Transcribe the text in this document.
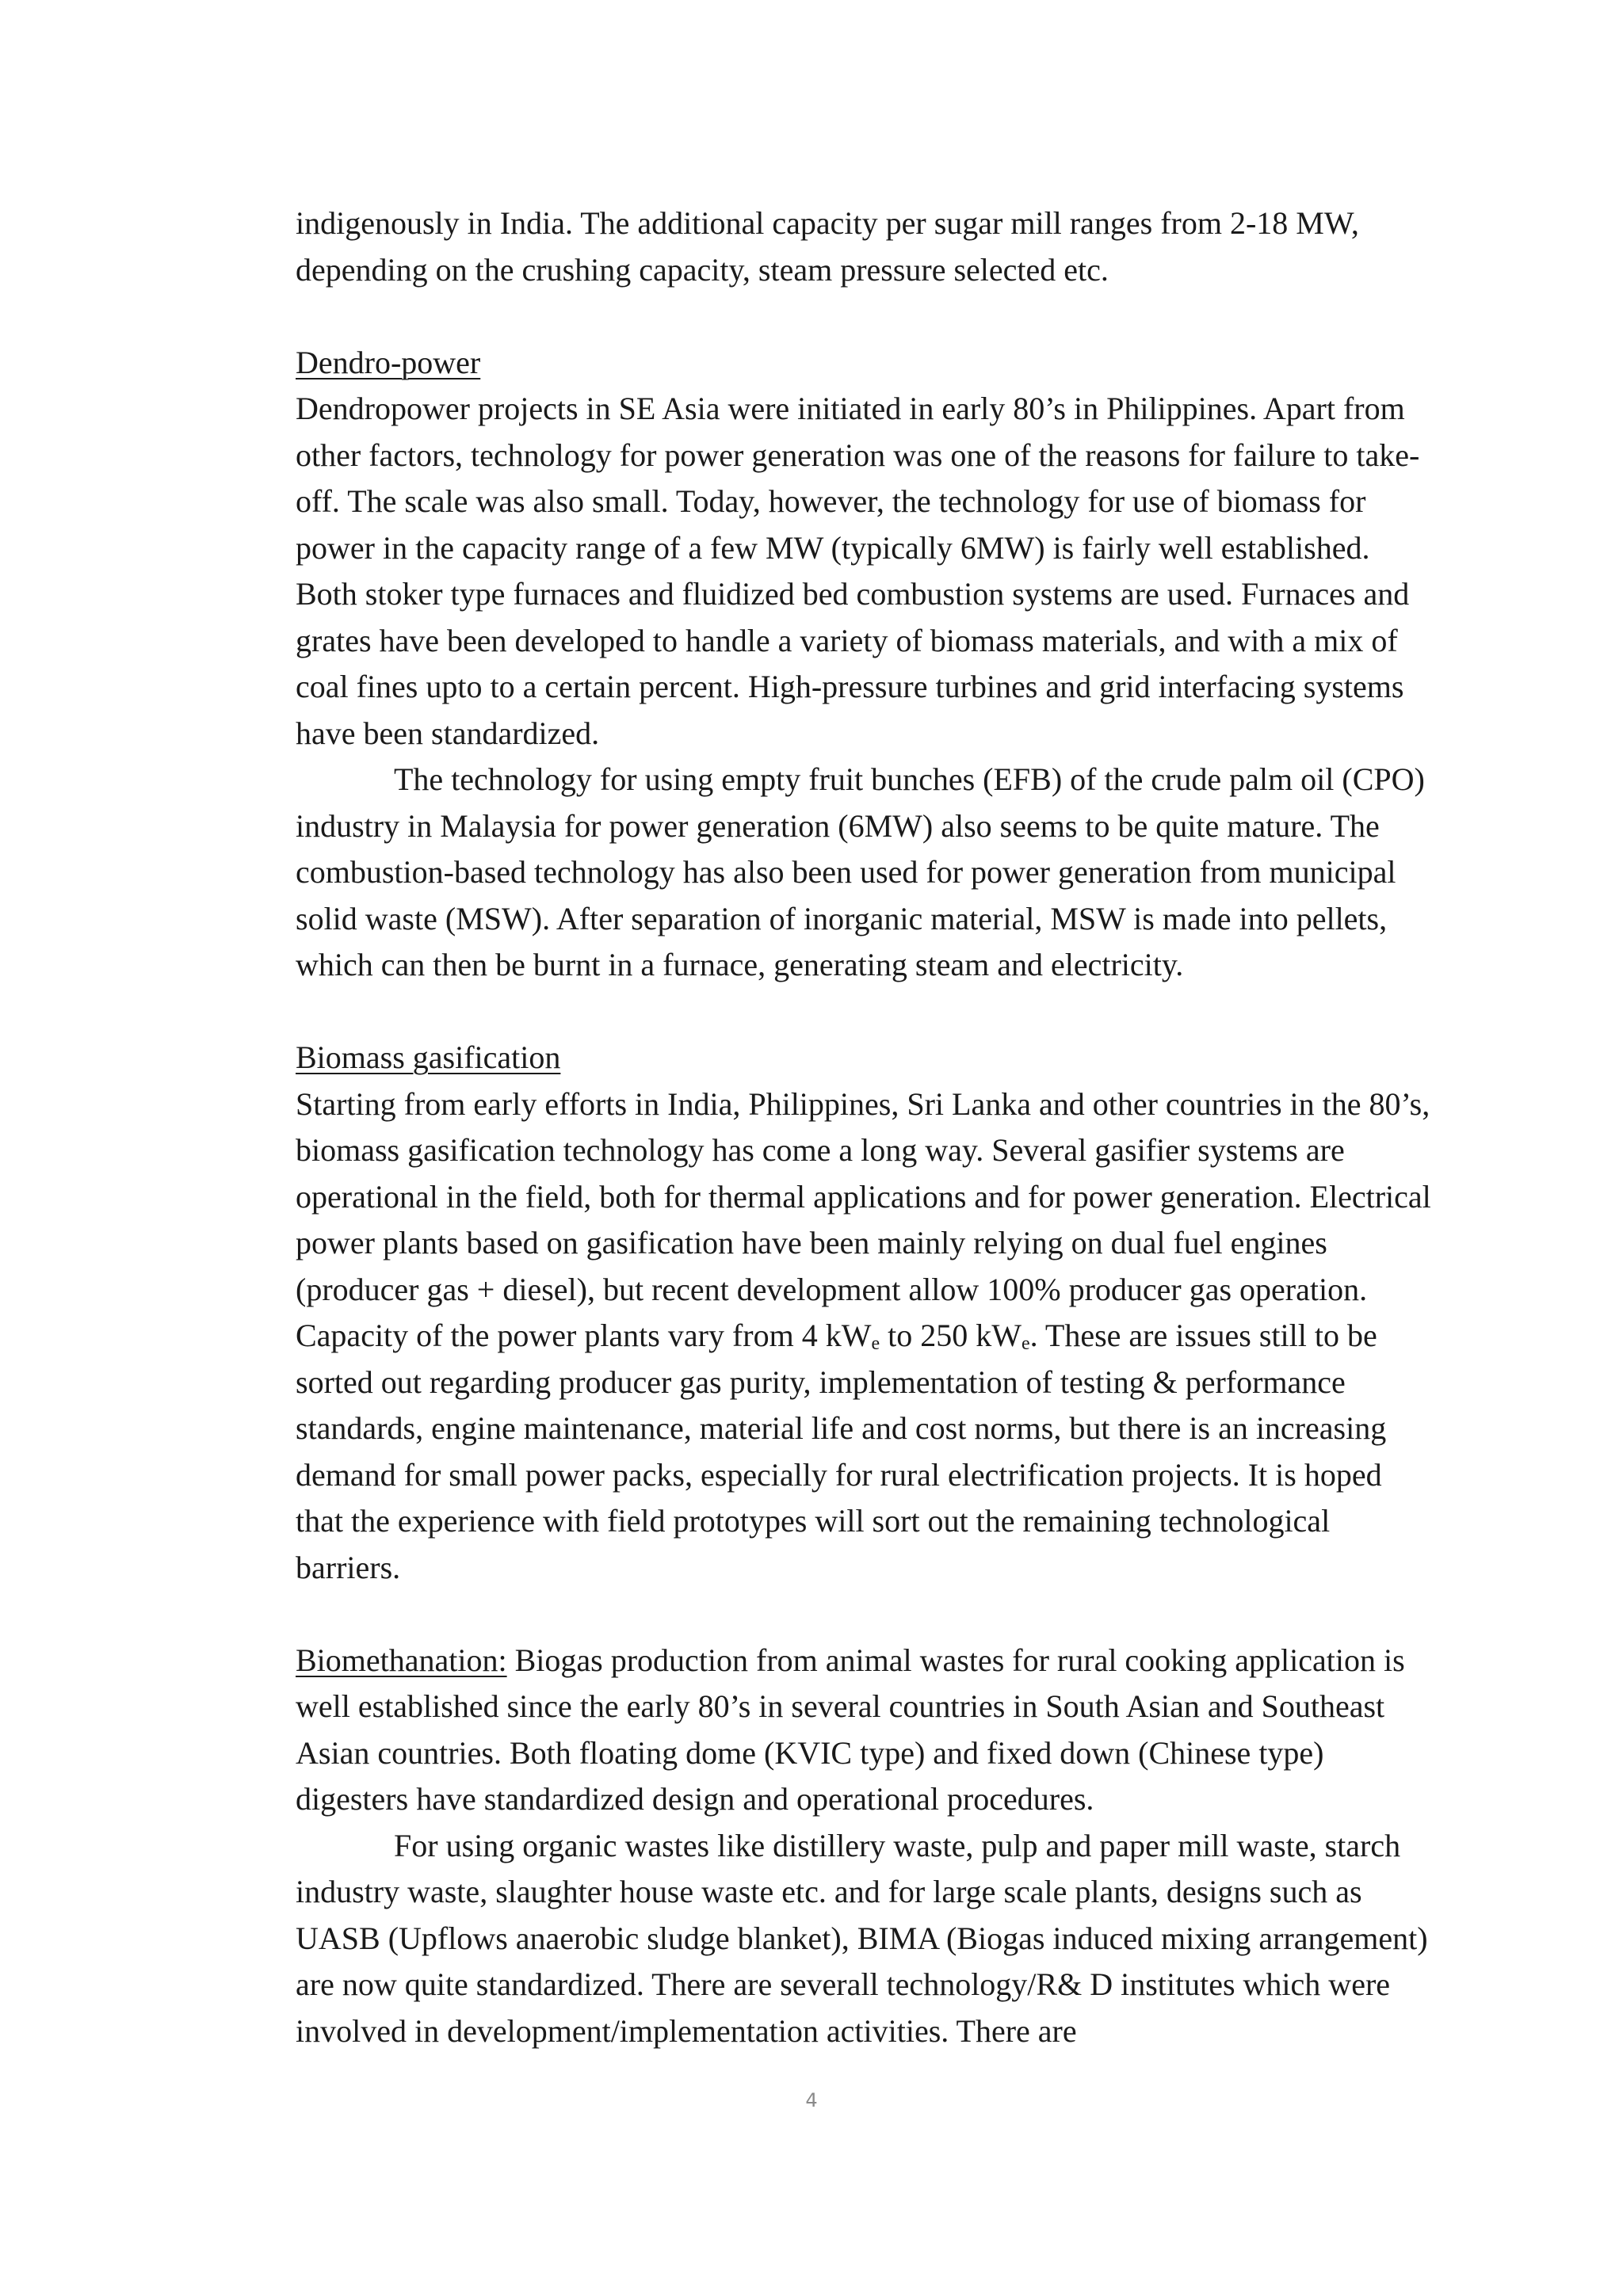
indigenously in India. The additional capacity per sugar mill ranges from 2-18 MW, depending on the crushing capacity, steam pressure selected etc.

Dendro-power

Dendropower projects in SE Asia were initiated in early 80’s in Philippines. Apart from other factors, technology for power generation was one of the reasons for failure to take-off. The scale was also small. Today, however, the technology for use of biomass for power in the capacity range of a few MW (typically 6MW) is fairly well established. Both stoker type furnaces and fluidized bed combustion systems are used. Furnaces and grates have been developed to handle a variety of biomass materials, and with a mix of coal fines upto to a certain percent. High-pressure turbines and grid interfacing systems have been standardized.

The technology for using empty fruit bunches (EFB) of the crude palm oil (CPO) industry in Malaysia for power generation (6MW) also seems to be quite mature. The combustion-based technology has also been used for power generation from municipal solid waste (MSW). After separation of inorganic material, MSW is made into pellets, which can then be burnt in a furnace, generating steam and electricity.

Biomass gasification

Starting from early efforts in India, Philippines, Sri Lanka and other countries in the 80’s, biomass gasification technology has come a long way. Several gasifier systems are operational in the field, both for thermal applications and for power generation. Electrical power plants based on gasification have been mainly relying on dual fuel engines (producer gas + diesel), but recent development allow 100% producer gas operation. Capacity of the power plants vary from 4 $kW_e$ to 250 $kW_e$. These are issues still to be sorted out regarding producer gas purity, implementation of testing & performance standards, engine maintenance, material life and cost norms, but there is an increasing demand for small power packs, especially for rural electrification projects. It is hoped that the experience with field prototypes will sort out the remaining technological barriers.

Biomethanation: Biogas production from animal wastes for rural cooking application is well established since the early 80’s in several countries in South Asian and Southeast Asian countries. Both floating dome (KVIC type) and fixed down (Chinese type) digesters have standardized design and operational procedures.

For using organic wastes like distillery waste, pulp and paper mill waste, starch industry waste, slaughter house waste etc. and for large scale plants, designs such as UASB (Upflows anaerobic sludge blanket), BIMA (Biogas induced mixing arrangement) are now quite standardized. There are severall technology/R& D institutes which were involved in development/implementation activities. There are

4
